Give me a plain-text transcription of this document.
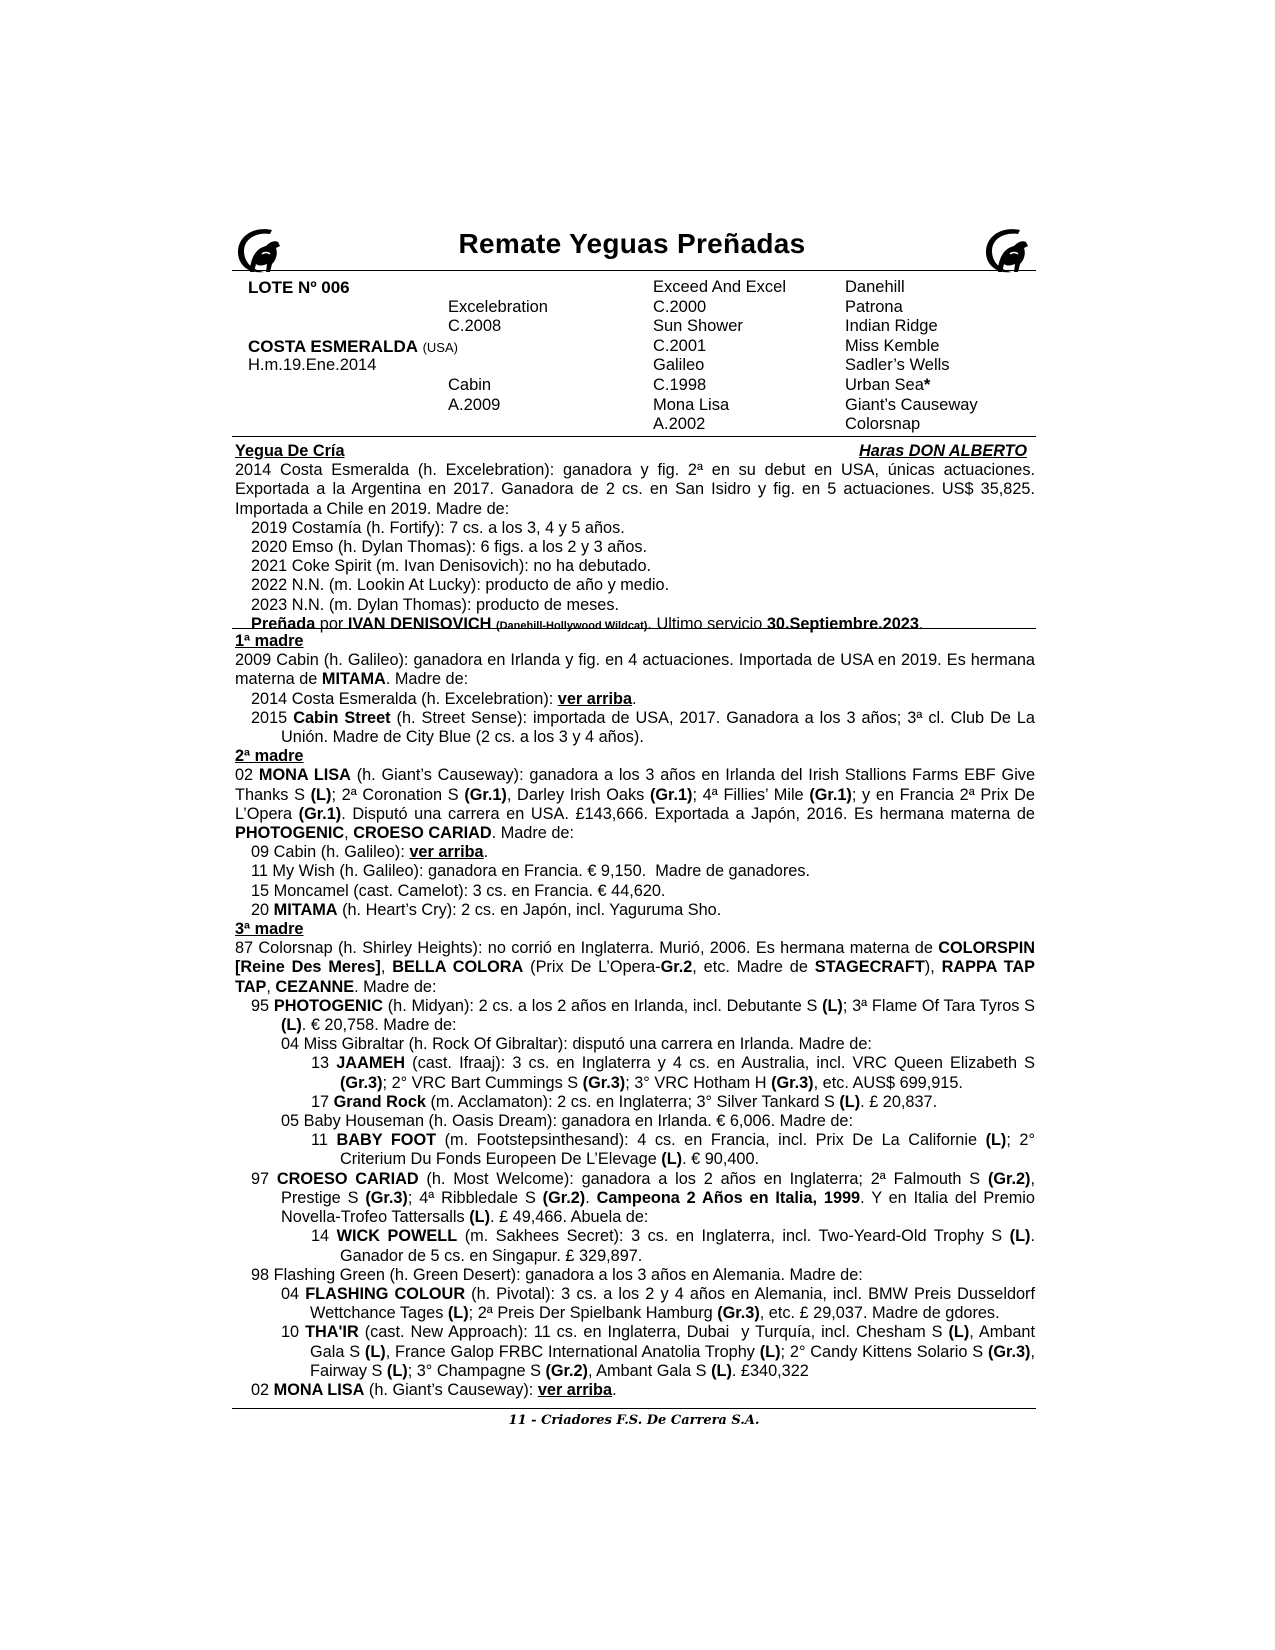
Remate Yeguas Preñadas
LOTE Nº 006
COSTA ESMERALDA (USA)
H.m.19.Ene.2014
Excelebration
C.2008
Cabin
A.2009
Exceed And Excel
C.2000
Sun Shower
C.2001
Galileo
C.1998
Mona Lisa
A.2002
Danehill
Patrona
Indian Ridge
Miss Kemble
Sadler’s Wells
Urban Sea*
Giant’s Causeway
Colorsnap
Yegua De Cría	Haras DON ALBERTO

2014 Costa Esmeralda (h. Excelebration): ganadora y fig. 2ª en su debut en USA, únicas actuaciones. Exportada a la Argentina en 2017. Ganadora de 2 cs. en San Isidro y fig. en 5 actuaciones. US$ 35,825. Importada a Chile en 2019. Madre de:

2019 Costamía (h. Fortify): 7 cs. a los 3, 4 y 5 años.

2020 Emso (h. Dylan Thomas): 6 figs. a los 2 y 3 años.

2021 Coke Spirit (m. Ivan Denisovich): no ha debutado.

2022 N.N. (m. Lookin At Lucky): producto de año y medio.

2023 N.N. (m. Dylan Thomas): producto de meses.

Preñada por IVAN DENISOVICH (Danehill-Hollywood Wildcat). Ultimo servicio 30.Septiembre.2023.

1ª madre

2009 Cabin (h. Galileo): ganadora en Irlanda y fig. en 4 actuaciones. Importada de USA en 2019. Es hermana materna de MITAMA. Madre de:

2014 Costa Esmeralda (h. Excelebration): ver arriba.

2015 Cabin Street (h. Street Sense): importada de USA, 2017. Ganadora a los 3 años; 3ª cl. Club De La Unión. Madre de City Blue (2 cs. a los 3 y 4 años).

2ª madre

02 MONA LISA (h. Giant’s Causeway): ganadora a los 3 años en Irlanda del Irish Stallions Farms EBF Give Thanks S (L); 2ª Coronation S (Gr.1), Darley Irish Oaks (Gr.1); 4ª Fillies’ Mile (Gr.1); y en Francia 2ª Prix De L’Opera (Gr.1). Disputó una carrera en USA. £143,666. Exportada a Japón, 2016. Es hermana materna de PHOTOGENIC, CROESO CARIAD. Madre de:

09 Cabin (h. Galileo): ver arriba.

11 My Wish (h. Galileo): ganadora en Francia. € 9,150.  Madre de ganadores.

15 Moncamel (cast. Camelot): 3 cs. en Francia. € 44,620.

20 MITAMA (h. Heart’s Cry): 2 cs. en Japón, incl. Yaguruma Sho.

3ª madre

87 Colorsnap (h. Shirley Heights): no corrió en Inglaterra. Murió, 2006. Es hermana materna de COLORSPIN [Reine Des Meres], BELLA COLORA (Prix De L’Opera-Gr.2, etc. Madre de STAGECRAFT), RAPPA TAP TAP, CEZANNE. Madre de:

95 PHOTOGENIC (h. Midyan): 2 cs. a los 2 años en Irlanda, incl. Debutante S (L); 3ª Flame Of Tara Tyros S (L). € 20,758. Madre de:

04 Miss Gibraltar (h. Rock Of Gibraltar): disputó una carrera en Irlanda. Madre de:

13 JAAMEH (cast. Ifraaj): 3 cs. en Inglaterra y 4 cs. en Australia, incl. VRC Queen Elizabeth S (Gr.3); 2° VRC Bart Cummings S (Gr.3); 3° VRC Hotham H (Gr.3), etc. AUS$ 699,915.

17 Grand Rock (m. Acclamaton): 2 cs. en Inglaterra; 3° Silver Tankard S (L). £ 20,837.

05 Baby Houseman (h. Oasis Dream): ganadora en Irlanda. € 6,006. Madre de:

11 BABY FOOT (m. Footstepsinthesand): 4 cs. en Francia, incl. Prix De La Californie (L); 2° Criterium Du Fonds Europeen De L’Elevage (L). € 90,400.

97 CROESO CARIAD (h. Most Welcome): ganadora a los 2 años en Inglaterra; 2ª Falmouth S (Gr.2), Prestige S (Gr.3); 4ª Ribbledale S (Gr.2). Campeona 2 Años en Italia, 1999. Y en Italia del Premio Novella-Trofeo Tattersalls (L). £ 49,466. Abuela de:

14 WICK POWELL (m. Sakhees Secret): 3 cs. en Inglaterra, incl. Two-Yeard-Old Trophy S (L). Ganador de 5 cs. en Singapur. £ 329,897.

98 Flashing Green (h. Green Desert): ganadora a los 3 años en Alemania. Madre de:

04 FLASHING COLOUR (h. Pivotal): 3 cs. a los 2 y 4 años en Alemania, incl. BMW Preis Dusseldorf Wettchance Tages (L); 2ª Preis Der Spielbank Hamburg (Gr.3), etc. £ 29,037. Madre de gdores.

10 THA'IR (cast. New Approach): 11 cs. en Inglaterra, Dubai  y Turquía, incl. Chesham S (L), Ambant Gala S (L), France Galop FRBC International Anatolia Trophy (L); 2° Candy Kittens Solario S (Gr.3), Fairway S (L); 3° Champagne S (Gr.2), Ambant Gala S (L). £340,322

02 MONA LISA (h. Giant’s Causeway): ver arriba.

11 - Criadores F.S. De Carrera S.A.
